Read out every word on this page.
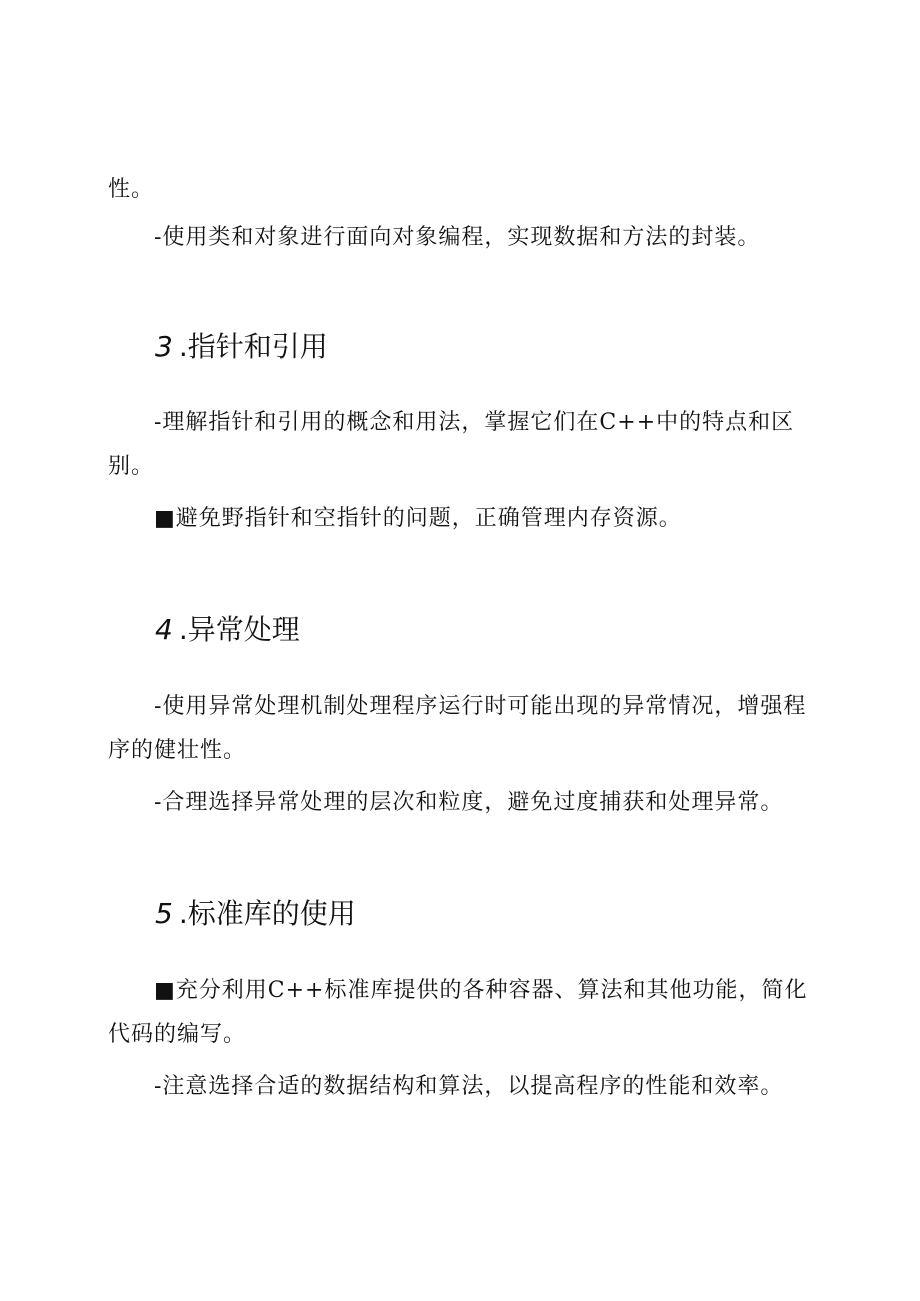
性。

-使用类和对象进行面向对象编程，实现数据和方法的封装。

3 .指针和引用

-理解指针和引用的概念和用法，掌握它们在C++中的特点和区别。

■避免野指针和空指针的问题，正确管理内存资源。

4 .异常处理

-使用异常处理机制处理程序运行时可能出现的异常情况，增强程序的健壮性。

-合理选择异常处理的层次和粒度，避免过度捕获和处理异常。

5 .标准库的使用

■充分利用C++标准库提供的各种容器、算法和其他功能，简化代码的编写。

-注意选择合适的数据结构和算法，以提高程序的性能和效率。
